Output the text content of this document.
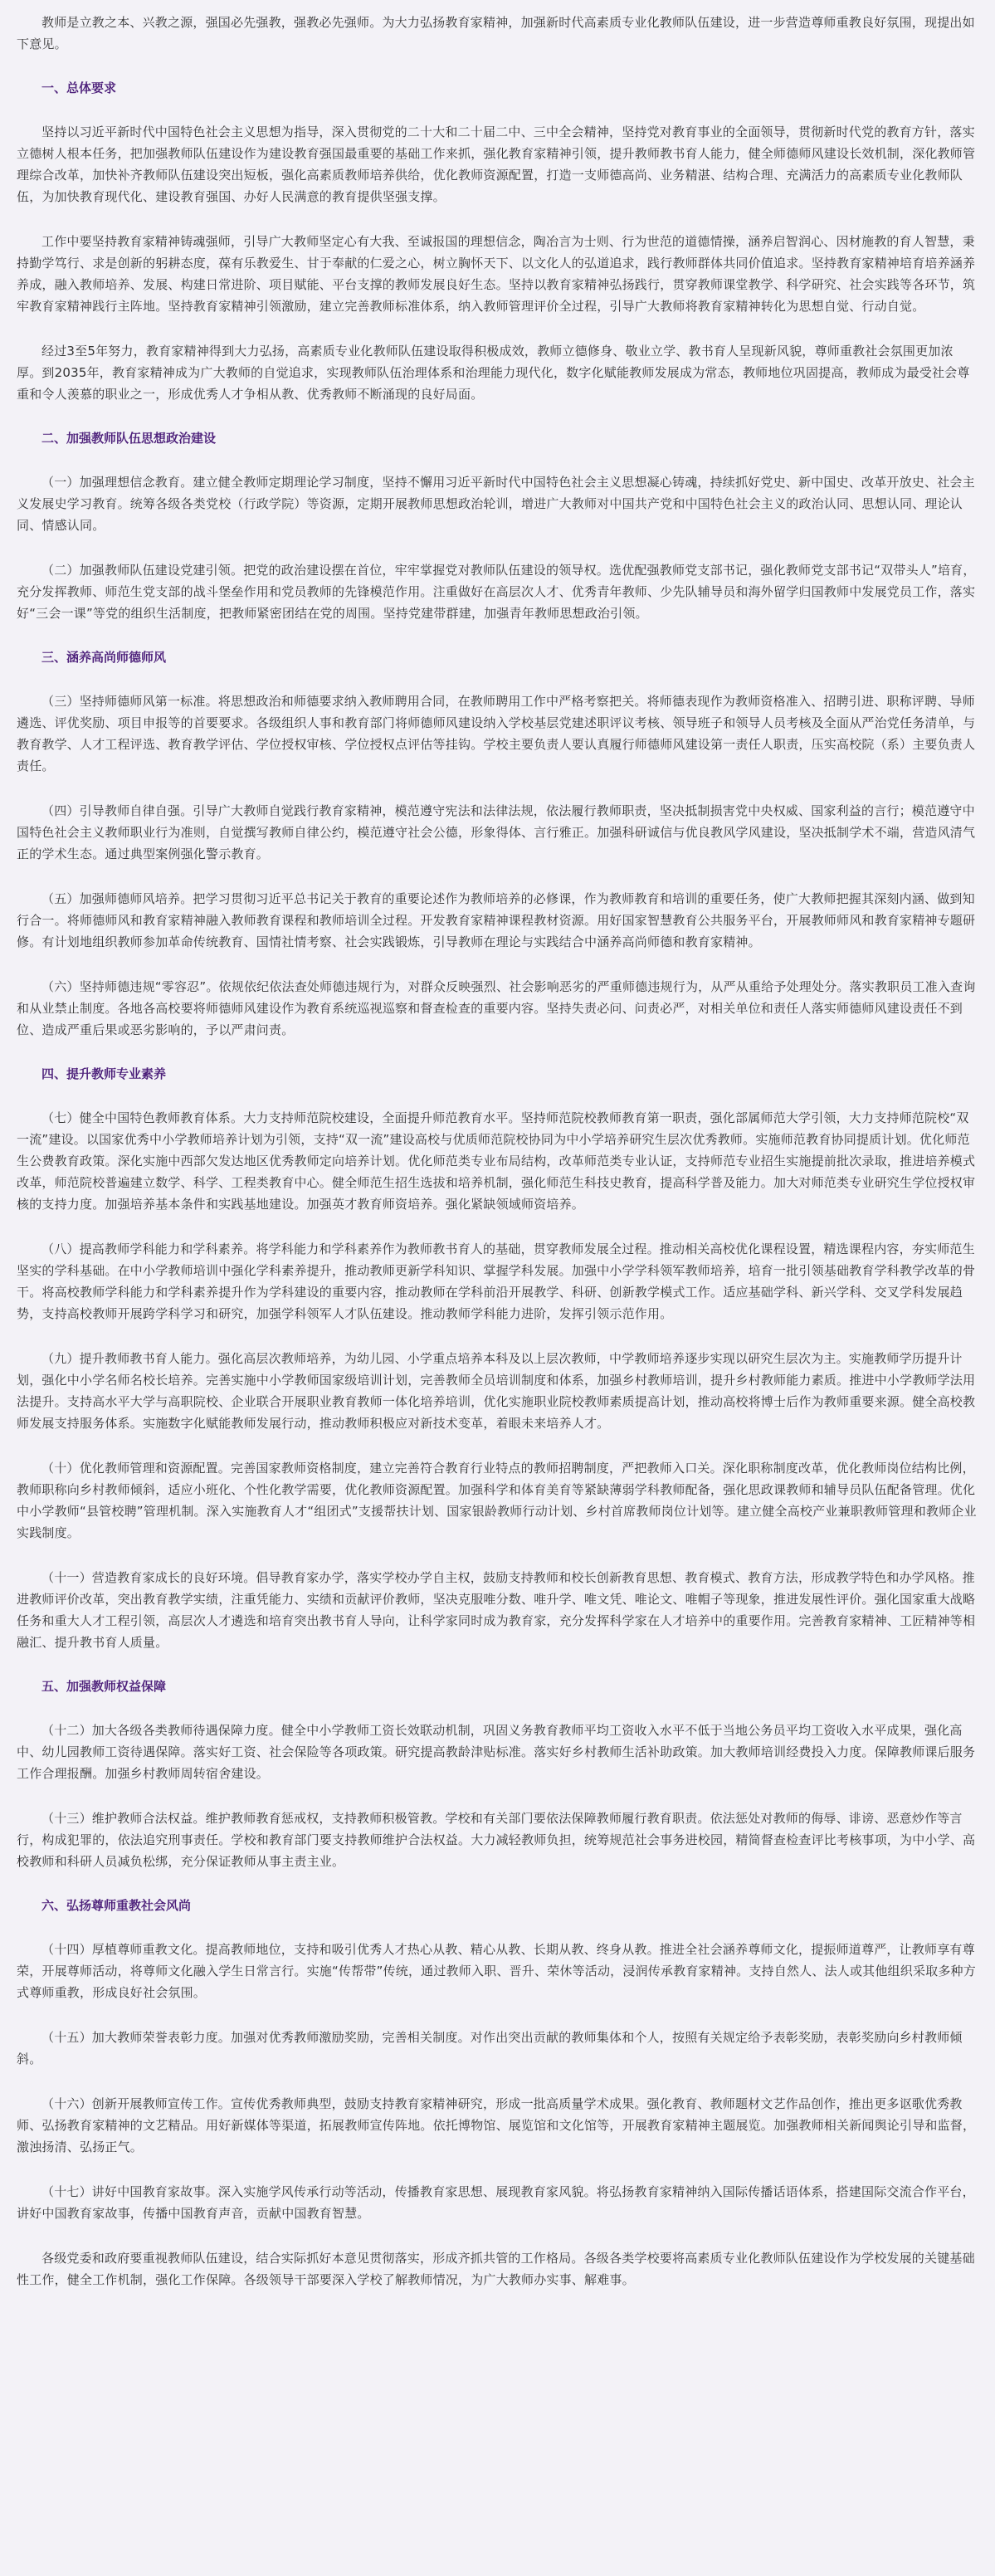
教师是立教之本、兴教之源，强国必先强教，强教必先强师。为大力弘扬教育家精神，加强新时代高素质专业化教师队伍建设，进一步营造尊师重教良好氛围，现提出如下意见。

一、总体要求

坚持以习近平新时代中国特色社会主义思想为指导，深入贯彻党的二十大和二十届二中、三中全会精神，坚持党对教育事业的全面领导，贯彻新时代党的教育方针，落实立德树人根本任务，把加强教师队伍建设作为建设教育强国最重要的基础工作来抓，强化教育家精神引领，提升教师教书育人能力，健全师德师风建设长效机制，深化教师管理综合改革，加快补齐教师队伍建设突出短板，强化高素质教师培养供给，优化教师资源配置，打造一支师德高尚、业务精湛、结构合理、充满活力的高素质专业化教师队伍，为加快教育现代化、建设教育强国、办好人民满意的教育提供坚强支撑。

工作中要坚持教育家精神铸魂强师，引导广大教师坚定心有大我、至诚报国的理想信念，陶冶言为士则、行为世范的道德情操，涵养启智润心、因材施教的育人智慧，秉持勤学笃行、求是创新的躬耕态度，葆有乐教爱生、甘于奉献的仁爱之心，树立胸怀天下、以文化人的弘道追求，践行教师群体共同价值追求。坚持教育家精神培育培养涵养养成，融入教师培养、发展、构建日常进阶、项目赋能、平台支撑的教师发展良好生态。坚持以教育家精神弘扬践行，贯穿教师课堂教学、科学研究、社会实践等各环节，筑牢教育家精神践行主阵地。坚持教育家精神引领激励，建立完善教师标准体系，纳入教师管理评价全过程，引导广大教师将教育家精神转化为思想自觉、行动自觉。

经过3至5年努力，教育家精神得到大力弘扬，高素质专业化教师队伍建设取得积极成效，教师立德修身、敬业立学、教书育人呈现新风貌，尊师重教社会氛围更加浓厚。到2035年，教育家精神成为广大教师的自觉追求，实现教师队伍治理体系和治理能力现代化，数字化赋能教师发展成为常态，教师地位巩固提高，教师成为最受社会尊重和令人羡慕的职业之一，形成优秀人才争相从教、优秀教师不断涌现的良好局面。

二、加强教师队伍思想政治建设

（一）加强理想信念教育。建立健全教师定期理论学习制度，坚持不懈用习近平新时代中国特色社会主义思想凝心铸魂，持续抓好党史、新中国史、改革开放史、社会主义发展史学习教育。统筹各级各类党校（行政学院）等资源，定期开展教师思想政治轮训，增进广大教师对中国共产党和中国特色社会主义的政治认同、思想认同、理论认同、情感认同。

（二）加强教师队伍建设党建引领。把党的政治建设摆在首位，牢牢掌握党对教师队伍建设的领导权。选优配强教师党支部书记，强化教师党支部书记“双带头人”培育，充分发挥教师、师范生党支部的战斗堡垒作用和党员教师的先锋模范作用。注重做好在高层次人才、优秀青年教师、少先队辅导员和海外留学归国教师中发展党员工作，落实好“三会一课”等党的组织生活制度，把教师紧密团结在党的周围。坚持党建带群建，加强青年教师思想政治引领。

三、涵养高尚师德师风

（三）坚持师德师风第一标准。将思想政治和师德要求纳入教师聘用合同，在教师聘用工作中严格考察把关。将师德表现作为教师资格准入、招聘引进、职称评聘、导师遴选、评优奖励、项目申报等的首要要求。各级组织人事和教育部门将师德师风建设纳入学校基层党建述职评议考核、领导班子和领导人员考核及全面从严治党任务清单，与教育教学、人才工程评选、教育教学评估、学位授权审核、学位授权点评估等挂钩。学校主要负责人要认真履行师德师风建设第一责任人职责，压实高校院（系）主要负责人责任。

（四）引导教师自律自强。引导广大教师自觉践行教育家精神，模范遵守宪法和法律法规，依法履行教师职责，坚决抵制损害党中央权威、国家利益的言行；模范遵守中国特色社会主义教师职业行为准则，自觉撰写教师自律公约，模范遵守社会公德，形象得体、言行雅正。加强科研诚信与优良教风学风建设，坚决抵制学术不端，营造风清气正的学术生态。通过典型案例强化警示教育。

（五）加强师德师风培养。把学习贯彻习近平总书记关于教育的重要论述作为教师培养的必修课，作为教师教育和培训的重要任务，使广大教师把握其深刻内涵、做到知行合一。将师德师风和教育家精神融入教师教育课程和教师培训全过程。开发教育家精神课程教材资源。用好国家智慧教育公共服务平台，开展教师师风和教育家精神专题研修。有计划地组织教师参加革命传统教育、国情社情考察、社会实践锻炼，引导教师在理论与实践结合中涵养高尚师德和教育家精神。

（六）坚持师德违规“零容忍”。依规依纪依法查处师德违规行为，对群众反映强烈、社会影响恶劣的严重师德违规行为，从严从重给予处理处分。落实教职员工准入查询和从业禁止制度。各地各高校要将师德师风建设作为教育系统巡视巡察和督查检查的重要内容。坚持失责必问、问责必严，对相关单位和责任人落实师德师风建设责任不到位、造成严重后果或恶劣影响的，予以严肃问责。

四、提升教师专业素养

（七）健全中国特色教师教育体系。大力支持师范院校建设，全面提升师范教育水平。坚持师范院校教师教育第一职责，强化部属师范大学引领，大力支持师范院校“双一流”建设。以国家优秀中小学教师培养计划为引领，支持“双一流”建设高校与优质师范院校协同为中小学培养研究生层次优秀教师。实施师范教育协同提质计划。优化师范生公费教育政策。深化实施中西部欠发达地区优秀教师定向培养计划。优化师范类专业布局结构，改革师范类专业认证，支持师范专业招生实施提前批次录取，推进培养模式改革，师范院校普遍建立数学、科学、工程类教育中心。健全师范生招生选拔和培养机制，强化师范生科技史教育，提高科学普及能力。加大对师范类专业研究生学位授权审核的支持力度。加强培养基本条件和实践基地建设。加强英才教育师资培养。强化紧缺领域师资培养。

（八）提高教师学科能力和学科素养。将学科能力和学科素养作为教师教书育人的基础，贯穿教师发展全过程。推动相关高校优化课程设置，精选课程内容，夯实师范生坚实的学科基础。在中小学教师培训中强化学科素养提升，推动教师更新学科知识、掌握学科发展。加强中小学学科领军教师培养，培育一批引领基础教育学科教学改革的骨干。将高校教师学科能力和学科素养提升作为学科建设的重要内容，推动教师在学科前沿开展教学、科研、创新教学模式工作。适应基础学科、新兴学科、交叉学科发展趋势，支持高校教师开展跨学科学习和研究，加强学科领军人才队伍建设。推动教师学科能力进阶，发挥引领示范作用。

（九）提升教师教书育人能力。强化高层次教师培养，为幼儿园、小学重点培养本科及以上层次教师，中学教师培养逐步实现以研究生层次为主。实施教师学历提升计划，强化中小学名师名校长培养。完善实施中小学教师国家级培训计划，完善教师全员培训制度和体系，加强乡村教师培训，提升乡村教师能力素质。推进中小学教师学法用法提升。支持高水平大学与高职院校、企业联合开展职业教育教师一体化培养培训，优化实施职业院校教师素质提高计划，推动高校将博士后作为教师重要来源。健全高校教师发展支持服务体系。实施数字化赋能教师发展行动，推动教师积极应对新技术变革，着眼未来培养人才。

（十）优化教师管理和资源配置。完善国家教师资格制度，建立完善符合教育行业特点的教师招聘制度，严把教师入口关。深化职称制度改革，优化教师岗位结构比例，教师职称向乡村教师倾斜，适应小班化、个性化教学需要，优化教师资源配置。加强科学和体育美育等紧缺薄弱学科教师配备，强化思政课教师和辅导员队伍配备管理。优化中小学教师“县管校聘”管理机制。深入实施教育人才“组团式”支援帮扶计划、国家银龄教师行动计划、乡村首席教师岗位计划等。建立健全高校产业兼职教师管理和教师企业实践制度。

（十一）营造教育家成长的良好环境。倡导教育家办学，落实学校办学自主权，鼓励支持教师和校长创新教育思想、教育模式、教育方法，形成教学特色和办学风格。推进教师评价改革，突出教育教学实绩，注重凭能力、实绩和贡献评价教师，坚决克服唯分数、唯升学、唯文凭、唯论文、唯帽子等现象，推进发展性评价。强化国家重大战略任务和重大人才工程引领，高层次人才遴选和培育突出教书育人导向，让科学家同时成为教育家，充分发挥科学家在人才培养中的重要作用。完善教育家精神、工匠精神等相融汇、提升教书育人质量。

五、加强教师权益保障

（十二）加大各级各类教师待遇保障力度。健全中小学教师工资长效联动机制，巩固义务教育教师平均工资收入水平不低于当地公务员平均工资收入水平成果，强化高中、幼儿园教师工资待遇保障。落实好工资、社会保险等各项政策。研究提高教龄津贴标准。落实好乡村教师生活补助政策。加大教师培训经费投入力度。保障教师课后服务工作合理报酬。加强乡村教师周转宿舍建设。

（十三）维护教师合法权益。维护教师教育惩戒权，支持教师积极管教。学校和有关部门要依法保障教师履行教育职责。依法惩处对教师的侮辱、诽谤、恶意炒作等言行，构成犯罪的，依法追究刑事责任。学校和教育部门要支持教师维护合法权益。大力减轻教师负担，统筹规范社会事务进校园，精简督查检查评比考核事项，为中小学、高校教师和科研人员减负松绑，充分保证教师从事主责主业。

六、弘扬尊师重教社会风尚

（十四）厚植尊师重教文化。提高教师地位，支持和吸引优秀人才热心从教、精心从教、长期从教、终身从教。推进全社会涵养尊师文化，提振师道尊严，让教师享有尊荣，开展尊师活动，将尊师文化融入学生日常言行。实施“传帮带”传统，通过教师入职、晋升、荣休等活动，浸润传承教育家精神。支持自然人、法人或其他组织采取多种方式尊师重教，形成良好社会氛围。

（十五）加大教师荣誉表彰力度。加强对优秀教师激励奖励，完善相关制度。对作出突出贡献的教师集体和个人，按照有关规定给予表彰奖励，表彰奖励向乡村教师倾斜。

（十六）创新开展教师宣传工作。宣传优秀教师典型，鼓励支持教育家精神研究，形成一批高质量学术成果。强化教育、教师题材文艺作品创作，推出更多讴歌优秀教师、弘扬教育家精神的文艺精品。用好新媒体等渠道，拓展教师宣传阵地。依托博物馆、展览馆和文化馆等，开展教育家精神主题展览。加强教师相关新闻舆论引导和监督，激浊扬清、弘扬正气。

（十七）讲好中国教育家故事。深入实施学风传承行动等活动，传播教育家思想、展现教育家风貌。将弘扬教育家精神纳入国际传播话语体系，搭建国际交流合作平台，讲好中国教育家故事，传播中国教育声音，贡献中国教育智慧。

各级党委和政府要重视教师队伍建设，结合实际抓好本意见贯彻落实，形成齐抓共管的工作格局。各级各类学校要将高素质专业化教师队伍建设作为学校发展的关键基础性工作，健全工作机制，强化工作保障。各级领导干部要深入学校了解教师情况，为广大教师办实事、解难事。
